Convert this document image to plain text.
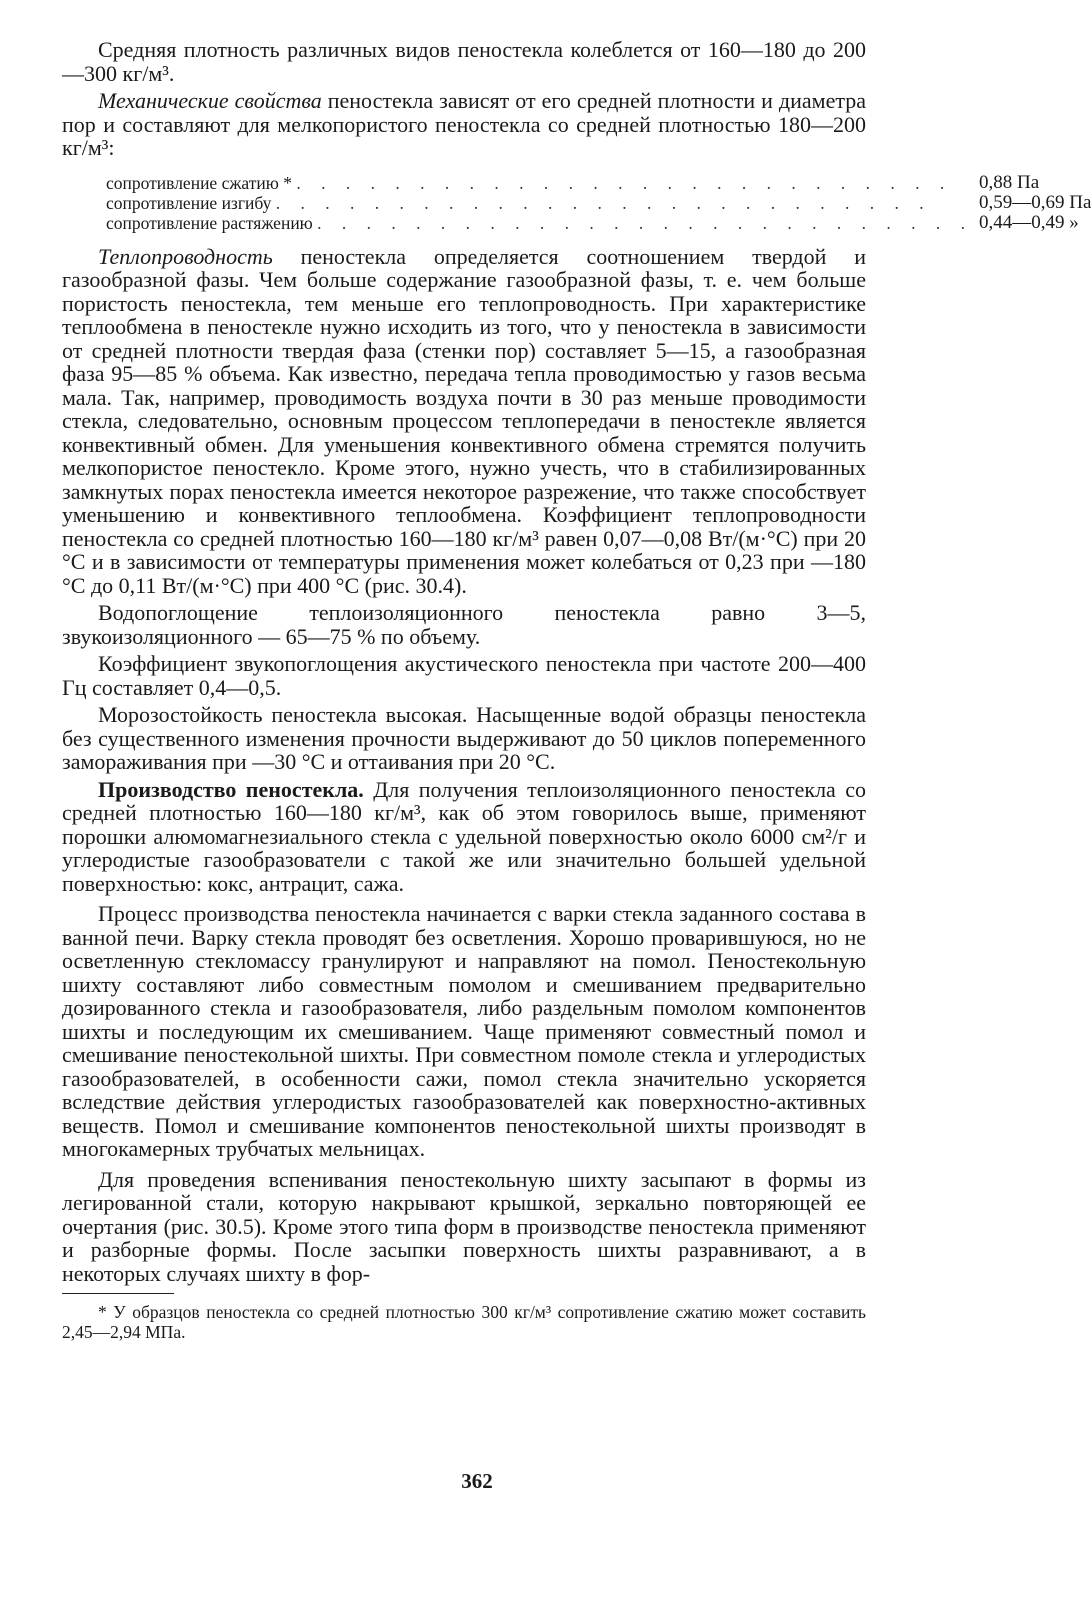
Средняя плотность различных видов пеностекла колеблется от 160—180 до 200—300 кг/м³.

Механические свойства пеностекла зависят от его средней плотности и диаметра пор и составляют для мелкопористого пеностекла со средней плотностью 180—200 кг/м³:

сопротивление сжатию * . . . . . . . . . . . . . . . . . . . . . . . . . . .	0,88 Па
сопротивление изгибу . . . . . . . . . . . . . . . . . . . . . . . . . . .	0,59—0,69 Па
сопротивление растяжению . . . . . . . . . . . . . . . . . . . . . . . . . . .	0,44—0,49 »

Теплопроводность пеностекла определяется соотношением твердой и газообразной фазы. Чем больше содержание газообразной фазы, т. е. чем больше пористость пеностекла, тем меньше его теплопроводность. При характеристике теплообмена в пеностекле нужно исходить из того, что у пеностекла в зависимости от средней плотности твердая фаза (стенки пор) составляет 5—15, а газообразная фаза 95—85 % объема. Как известно, передача тепла проводимостью у газов весьма мала. Так, например, проводимость воздуха почти в 30 раз меньше проводимости стекла, следовательно, основным процессом теплопередачи в пеностекле является конвективный обмен. Для уменьшения конвективного обмена стремятся получить мелкопористое пеностекло. Кроме этого, нужно учесть, что в стабилизированных замкнутых порах пеностекла имеется некоторое разрежение, что также способствует уменьшению и конвективного теплообмена. Коэффициент теплопроводности пеностекла со средней плотностью 160—180 кг/м³ равен 0,07—0,08 Вт/(м·°С) при 20 °С и в зависимости от температуры применения может колебаться от 0,23 при —180 °С до 0,11 Вт/(м·°С) при 400 °С (рис. 30.4).

Водопоглощение теплоизоляционного пеностекла равно 3—5, звукоизоляционного — 65—75 % по объему.

Коэффициент звукопоглощения акустического пеностекла при частоте 200—400 Гц составляет 0,4—0,5.

Морозостойкость пеностекла высокая. Насыщенные водой образцы пеностекла без существенного изменения прочности выдерживают до 50 циклов попеременного замораживания при —30 °С и оттаивания при 20 °С.

Производство пеностекла. Для получения теплоизоляционного пеностекла со средней плотностью 160—180 кг/м³, как об этом говорилось выше, применяют порошки алюмомагнезиального стекла с удельной поверхностью около 6000 см²/г и углеродистые газообразователи с такой же или значительно большей удельной поверхностью: кокс, антрацит, сажа.

Процесс производства пеностекла начинается с варки стекла заданного состава в ванной печи. Варку стекла проводят без осветления. Хорошо проварившуюся, но не осветленную стекломассу гранулируют и направляют на помол. Пеностекольную шихту составляют либо совместным помолом и смешиванием предварительно дозированного стекла и газообразователя, либо раздельным помолом компонентов шихты и последующим их смешиванием. Чаще применяют совместный помол и смешивание пеностекольной шихты. При совместном помоле стекла и углеродистых газообразователей, в особенности сажи, помол стекла значительно ускоряется вследствие действия углеродистых газообразователей как поверхностно-активных веществ. Помол и смешивание компонентов пеностекольной шихты производят в многокамерных трубчатых мельницах.

Для проведения вспенивания пеностекольную шихту засыпают в формы из легированной стали, которую накрывают крышкой, зеркально повторяющей ее очертания (рис. 30.5). Кроме этого типа форм в производстве пеностекла применяют и разборные формы. После засыпки поверхность шихты разравнивают, а в некоторых случаях шихту в фор-

* У образцов пеностекла со средней плотностью 300 кг/м³ сопротивление сжатию может составить 2,45—2,94 МПа.

362
